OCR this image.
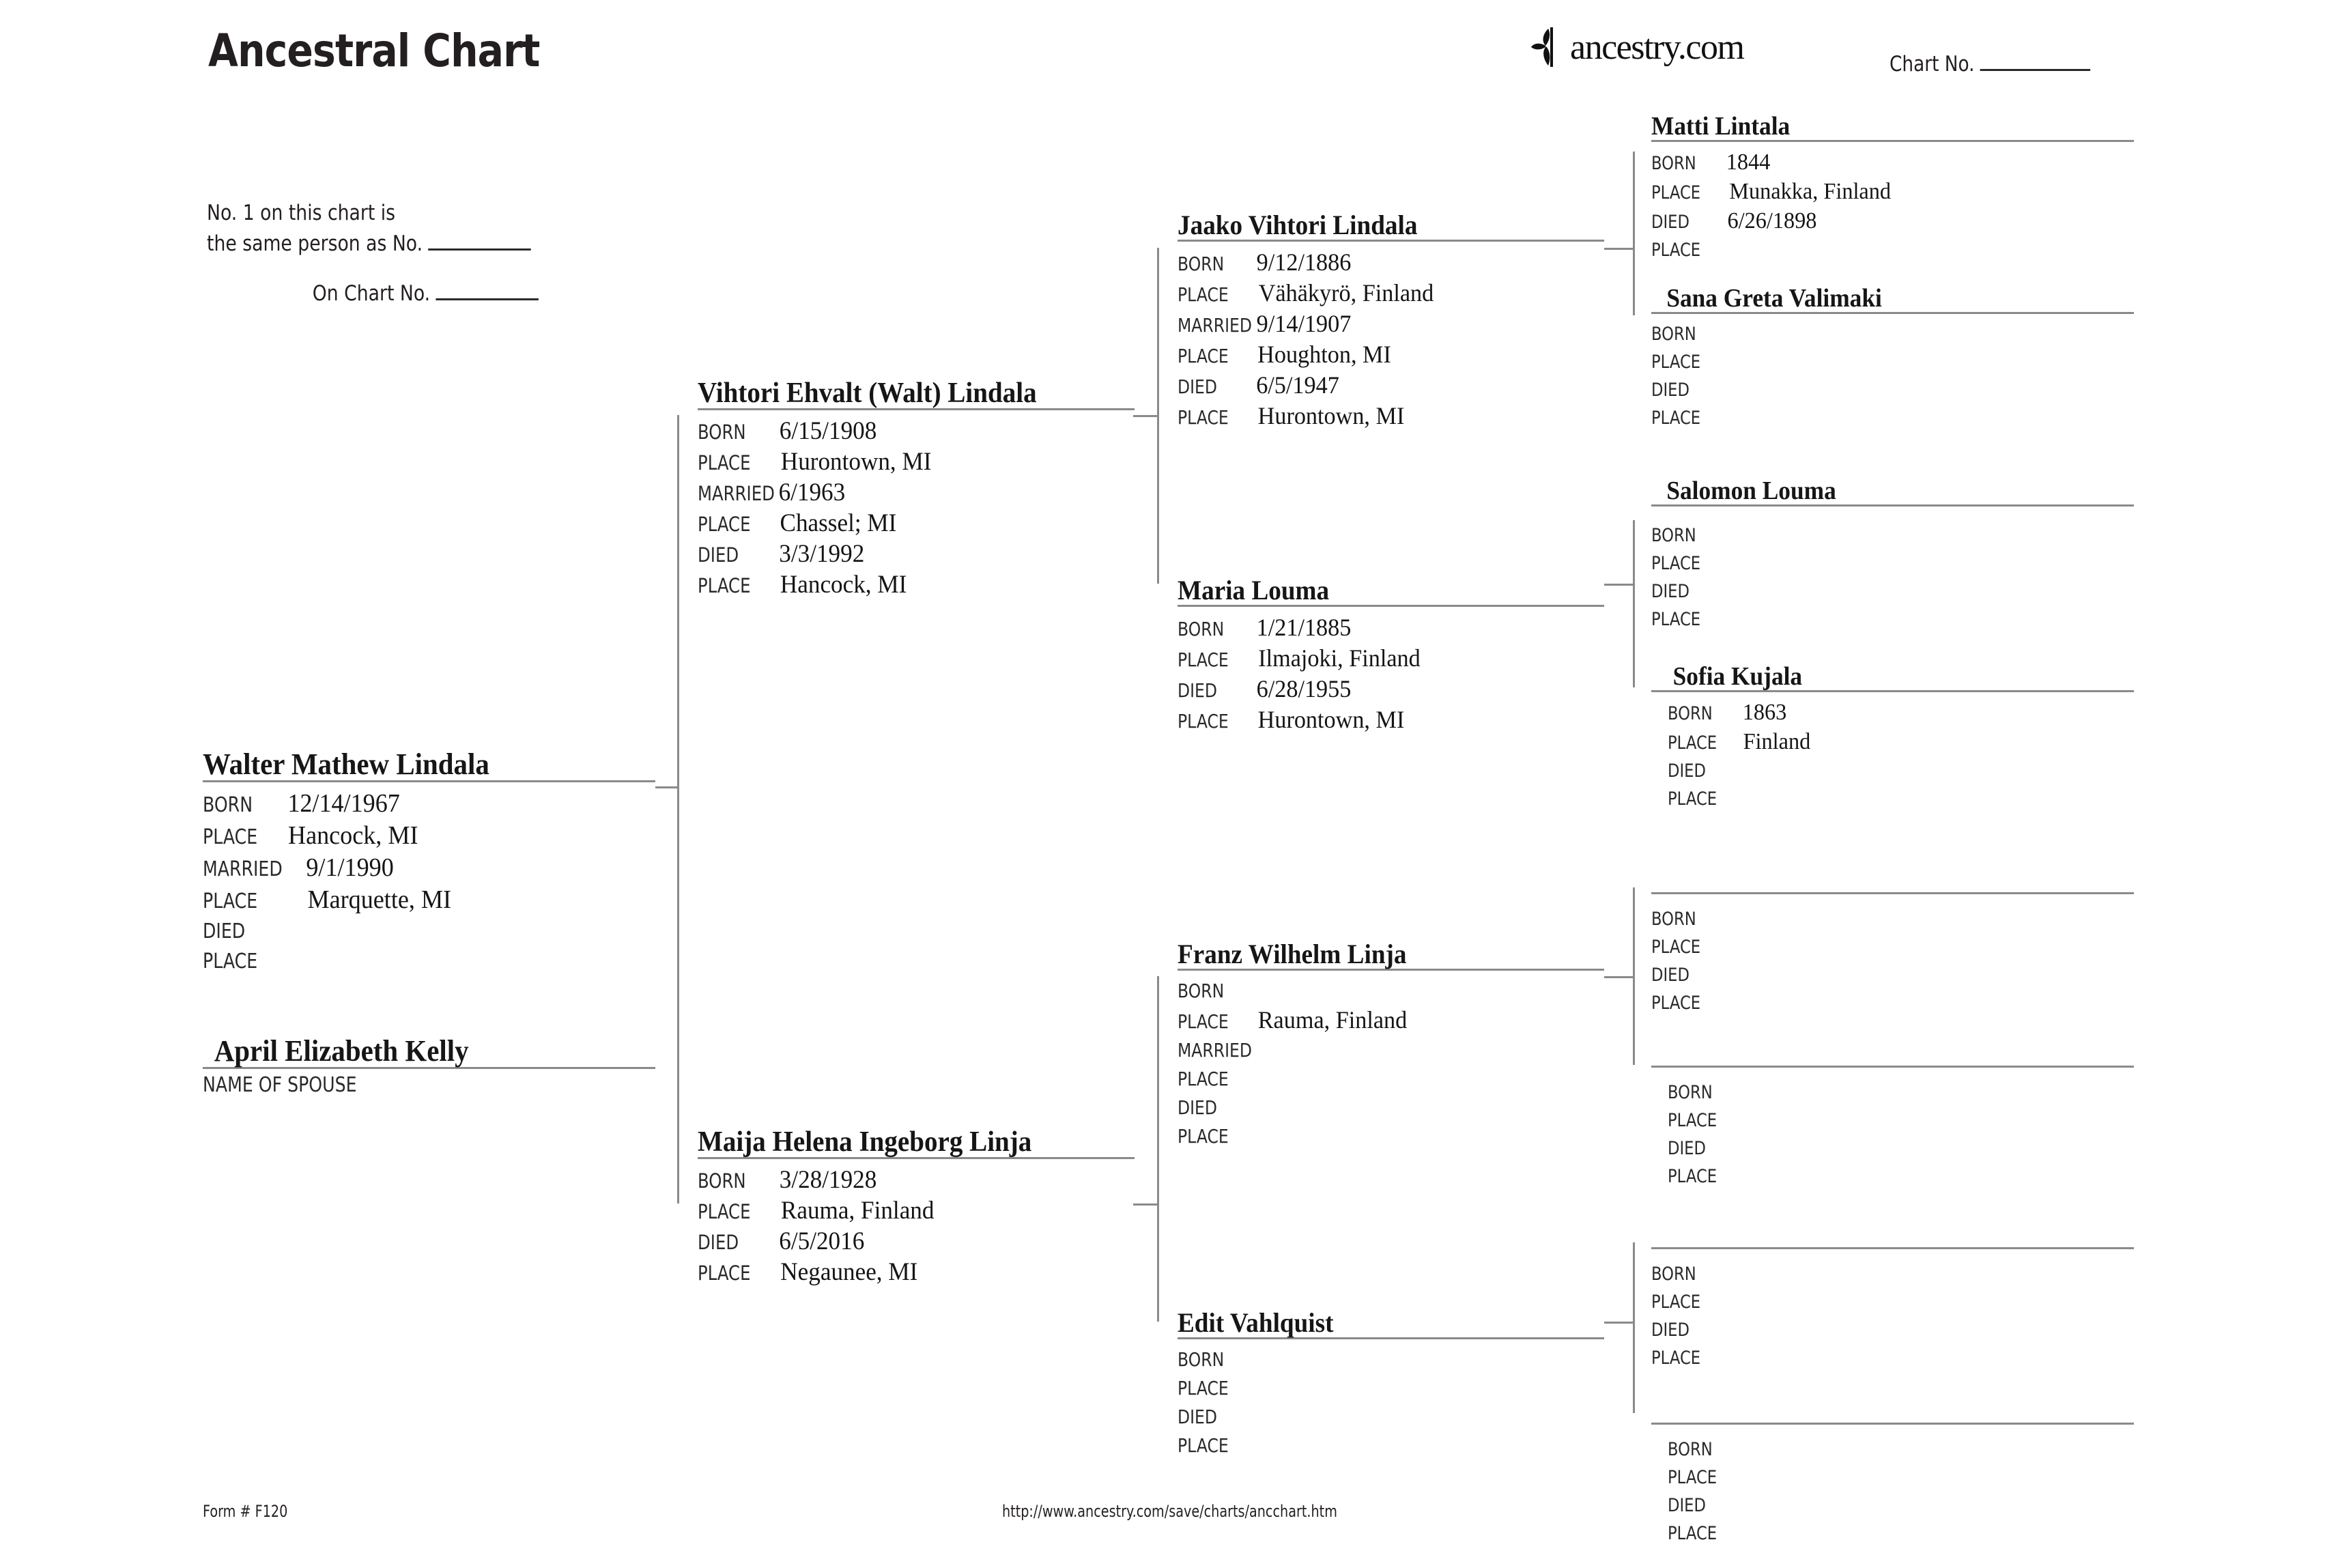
Ancestral Chart	ancestry.com	Chart No.
No. 1 on this chart is
the same person as No.
On Chart No.
Walter Mathew Lindala
BORN	12/14/1967
PLACE	Hancock, MI
MARRIED 9/1/1990
PLACE	Marquette, MI
DIED
PLACE
April Elizabeth Kelly
NAME OF SPOUSE
Vihtori Ehvalt (Walt) Lindala
BORN	6/15/1908
PLACE	Hurontown, MI
MARRIED 6/1963
PLACE	Chassel; MI
DIED	3/3/1992
PLACE	Hancock, MI
Maija Helena Ingeborg Linja
BORN	3/28/1928
PLACE	Rauma, Finland
DIED	6/5/2016
PLACE	Negaunee, MI
Jaako Vihtori Lindala
BORN	9/12/1886
PLACE	Vähäkyrö, Finland
MARRIED 9/14/1907
PLACE	Houghton, MI
DIED	6/5/1947
PLACE	Hurontown, MI
Maria Louma
BORN	1/21/1885
PLACE	Ilmajoki, Finland
DIED	6/28/1955
PLACE	Hurontown, MI
Franz Wilhelm Linja
BORN
PLACE	Rauma, Finland
MARRIED
PLACE
DIED
PLACE
Edit Vahlquist
BORN
PLACE
DIED
PLACE
Matti Lintala
BORN	1844
PLACE	Munakka, Finland
DIED	6/26/1898
PLACE
Sana Greta Valimaki
BORN
PLACE
DIED
PLACE
Salomon Louma
BORN
PLACE
DIED
PLACE
Sofia Kujala
BORN	1863
PLACE	Finland
DIED
PLACE

BORN
PLACE
DIED
PLACE

BORN
PLACE
DIED
PLACE

BORN
PLACE
DIED
PLACE

BORN
PLACE
DIED
PLACE
Form # F120	http://www.ancestry.com/save/charts/ancchart.htm
